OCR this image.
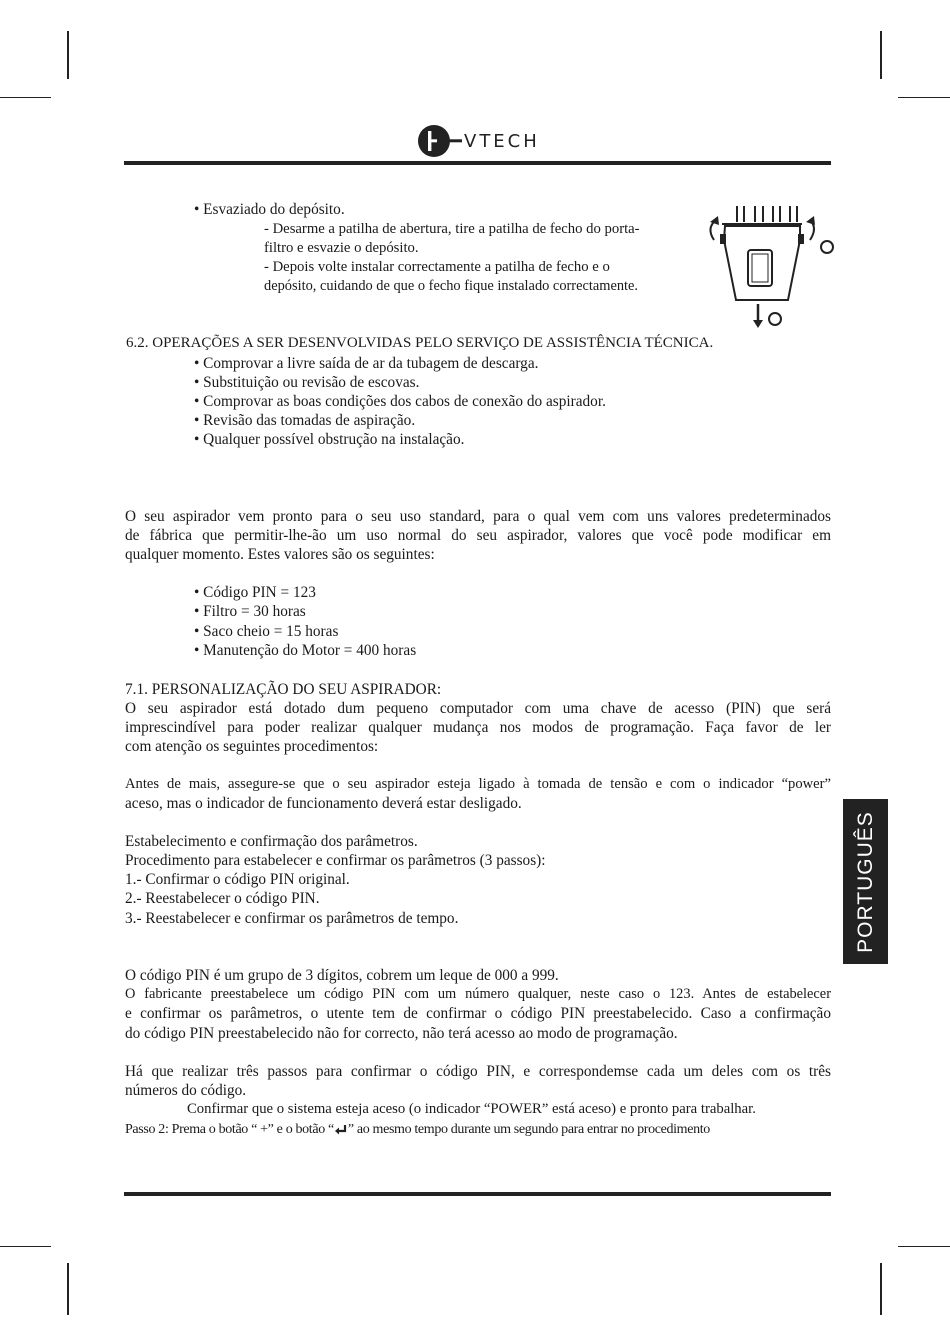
VTECH
• Esvaziado do depósito.
- Desarme a patilha de abertura, tire a patilha de fecho do porta-
filtro e esvazie o depósito.
- Depois volte instalar correctamente a patilha de fecho e o
depósito, cuidando de que o fecho fique instalado correctamente.
6.2. OPERAÇÕES A SER DESENVOLVIDAS PELO SERVIÇO DE ASSISTÊNCIA TÉCNICA.
• Comprovar a livre saída de ar da tubagem de descarga.
• Substituição ou revisão de escovas.
• Comprovar as boas condições dos cabos de conexão do aspirador.
• Revisão das tomadas de aspiração.
• Qualquer possível obstrução na instalação.
O seu aspirador vem pronto para o seu uso standard, para o qual vem com uns valores predeterminados
de fábrica que permitir-lhe-ão um uso normal do seu aspirador, valores que você pode modificar em
qualquer momento. Estes valores são os seguintes:
• Código PIN = 123
• Filtro = 30 horas
• Saco cheio = 15 horas
• Manutenção do Motor = 400 horas
7.1. PERSONALIZAÇÃO DO SEU ASPIRADOR:
O seu aspirador está dotado dum pequeno computador com uma chave de acesso (PIN) que será
imprescindível para poder realizar qualquer mudança nos modos de programação. Faça favor de ler
com atenção os seguintes procedimentos:
Antes de mais, assegure-se que o seu aspirador esteja ligado à tomada de tensão e com o indicador “power”
aceso, mas o indicador de funcionamento deverá estar desligado.
Estabelecimento e confirmação dos parâmetros.
Procedimento para estabelecer e confirmar os parâmetros (3 passos):
1.- Confirmar o código PIN original.
2.- Reestabelecer o código PIN.
3.- Reestabelecer e confirmar os parâmetros de tempo.
O código PIN é um grupo de 3 dígitos, cobrem um leque de 000 a 999.
O fabricante preestabelece um código PIN com um número qualquer, neste caso o 123. Antes de estabelecer
e confirmar os parâmetros, o utente tem de confirmar o código PIN preestabelecido. Caso a confirmação
do código PIN preestabelecido não for correcto, não terá acesso ao modo de programação.
Há que realizar três passos para confirmar o código PIN, e correspondemse cada um deles com os três
números do código.
Confirmar que o sistema esteja aceso (o indicador “POWER” está aceso) e pronto para trabalhar.
Passo 2: Prema o botão “ +” e o botão “ ” ao mesmo tempo durante um segundo para entrar no procedimento
PORTUGUÊS
